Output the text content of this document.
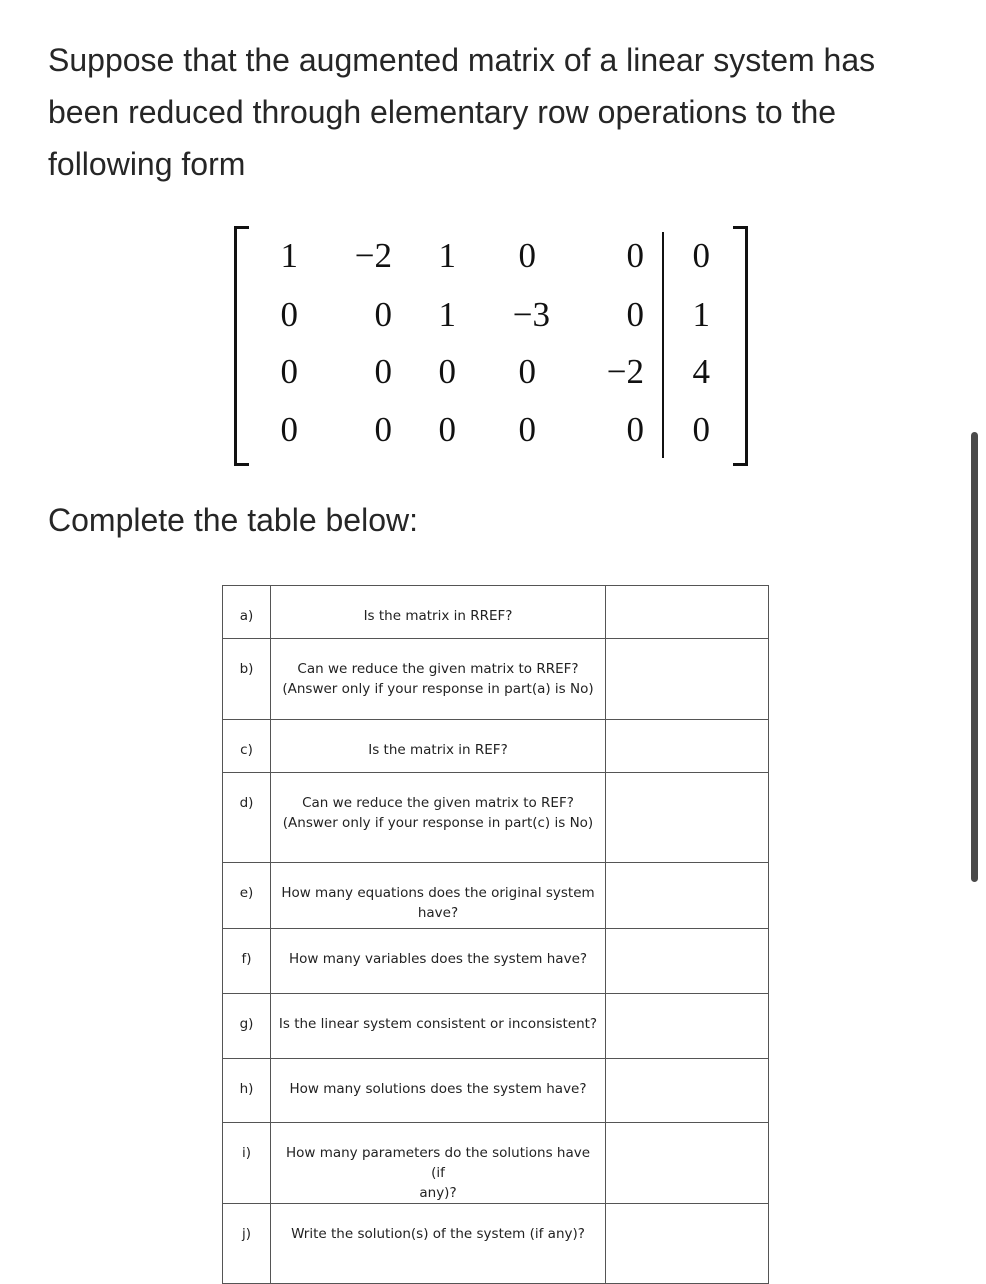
Suppose that the augmented matrix of a linear system has been reduced through elementary row operations to the following form

1	−2	1	0	0	0
0	0	1	−3	0	1
0	0	0	0	−2	4
0	0	0	0	0	0

Complete the table below:

a)	Is the matrix in RREF?	

b)	Can we reduce the given matrix to RREF?
(Answer only if your response in part(a) is No)	

c)	Is the matrix in REF?	

d)	Can we reduce the given matrix to REF?
(Answer only if your response in part(c) is No)	

e)	How many equations does the original system
have?	

f)	How many variables does the system have?	

g)	Is the linear system consistent or inconsistent?	

h)	How many solutions does the system have?	

i)	How many parameters do the solutions have (if
any)?	

j)	Write the solution(s) of the system (if any)?	
